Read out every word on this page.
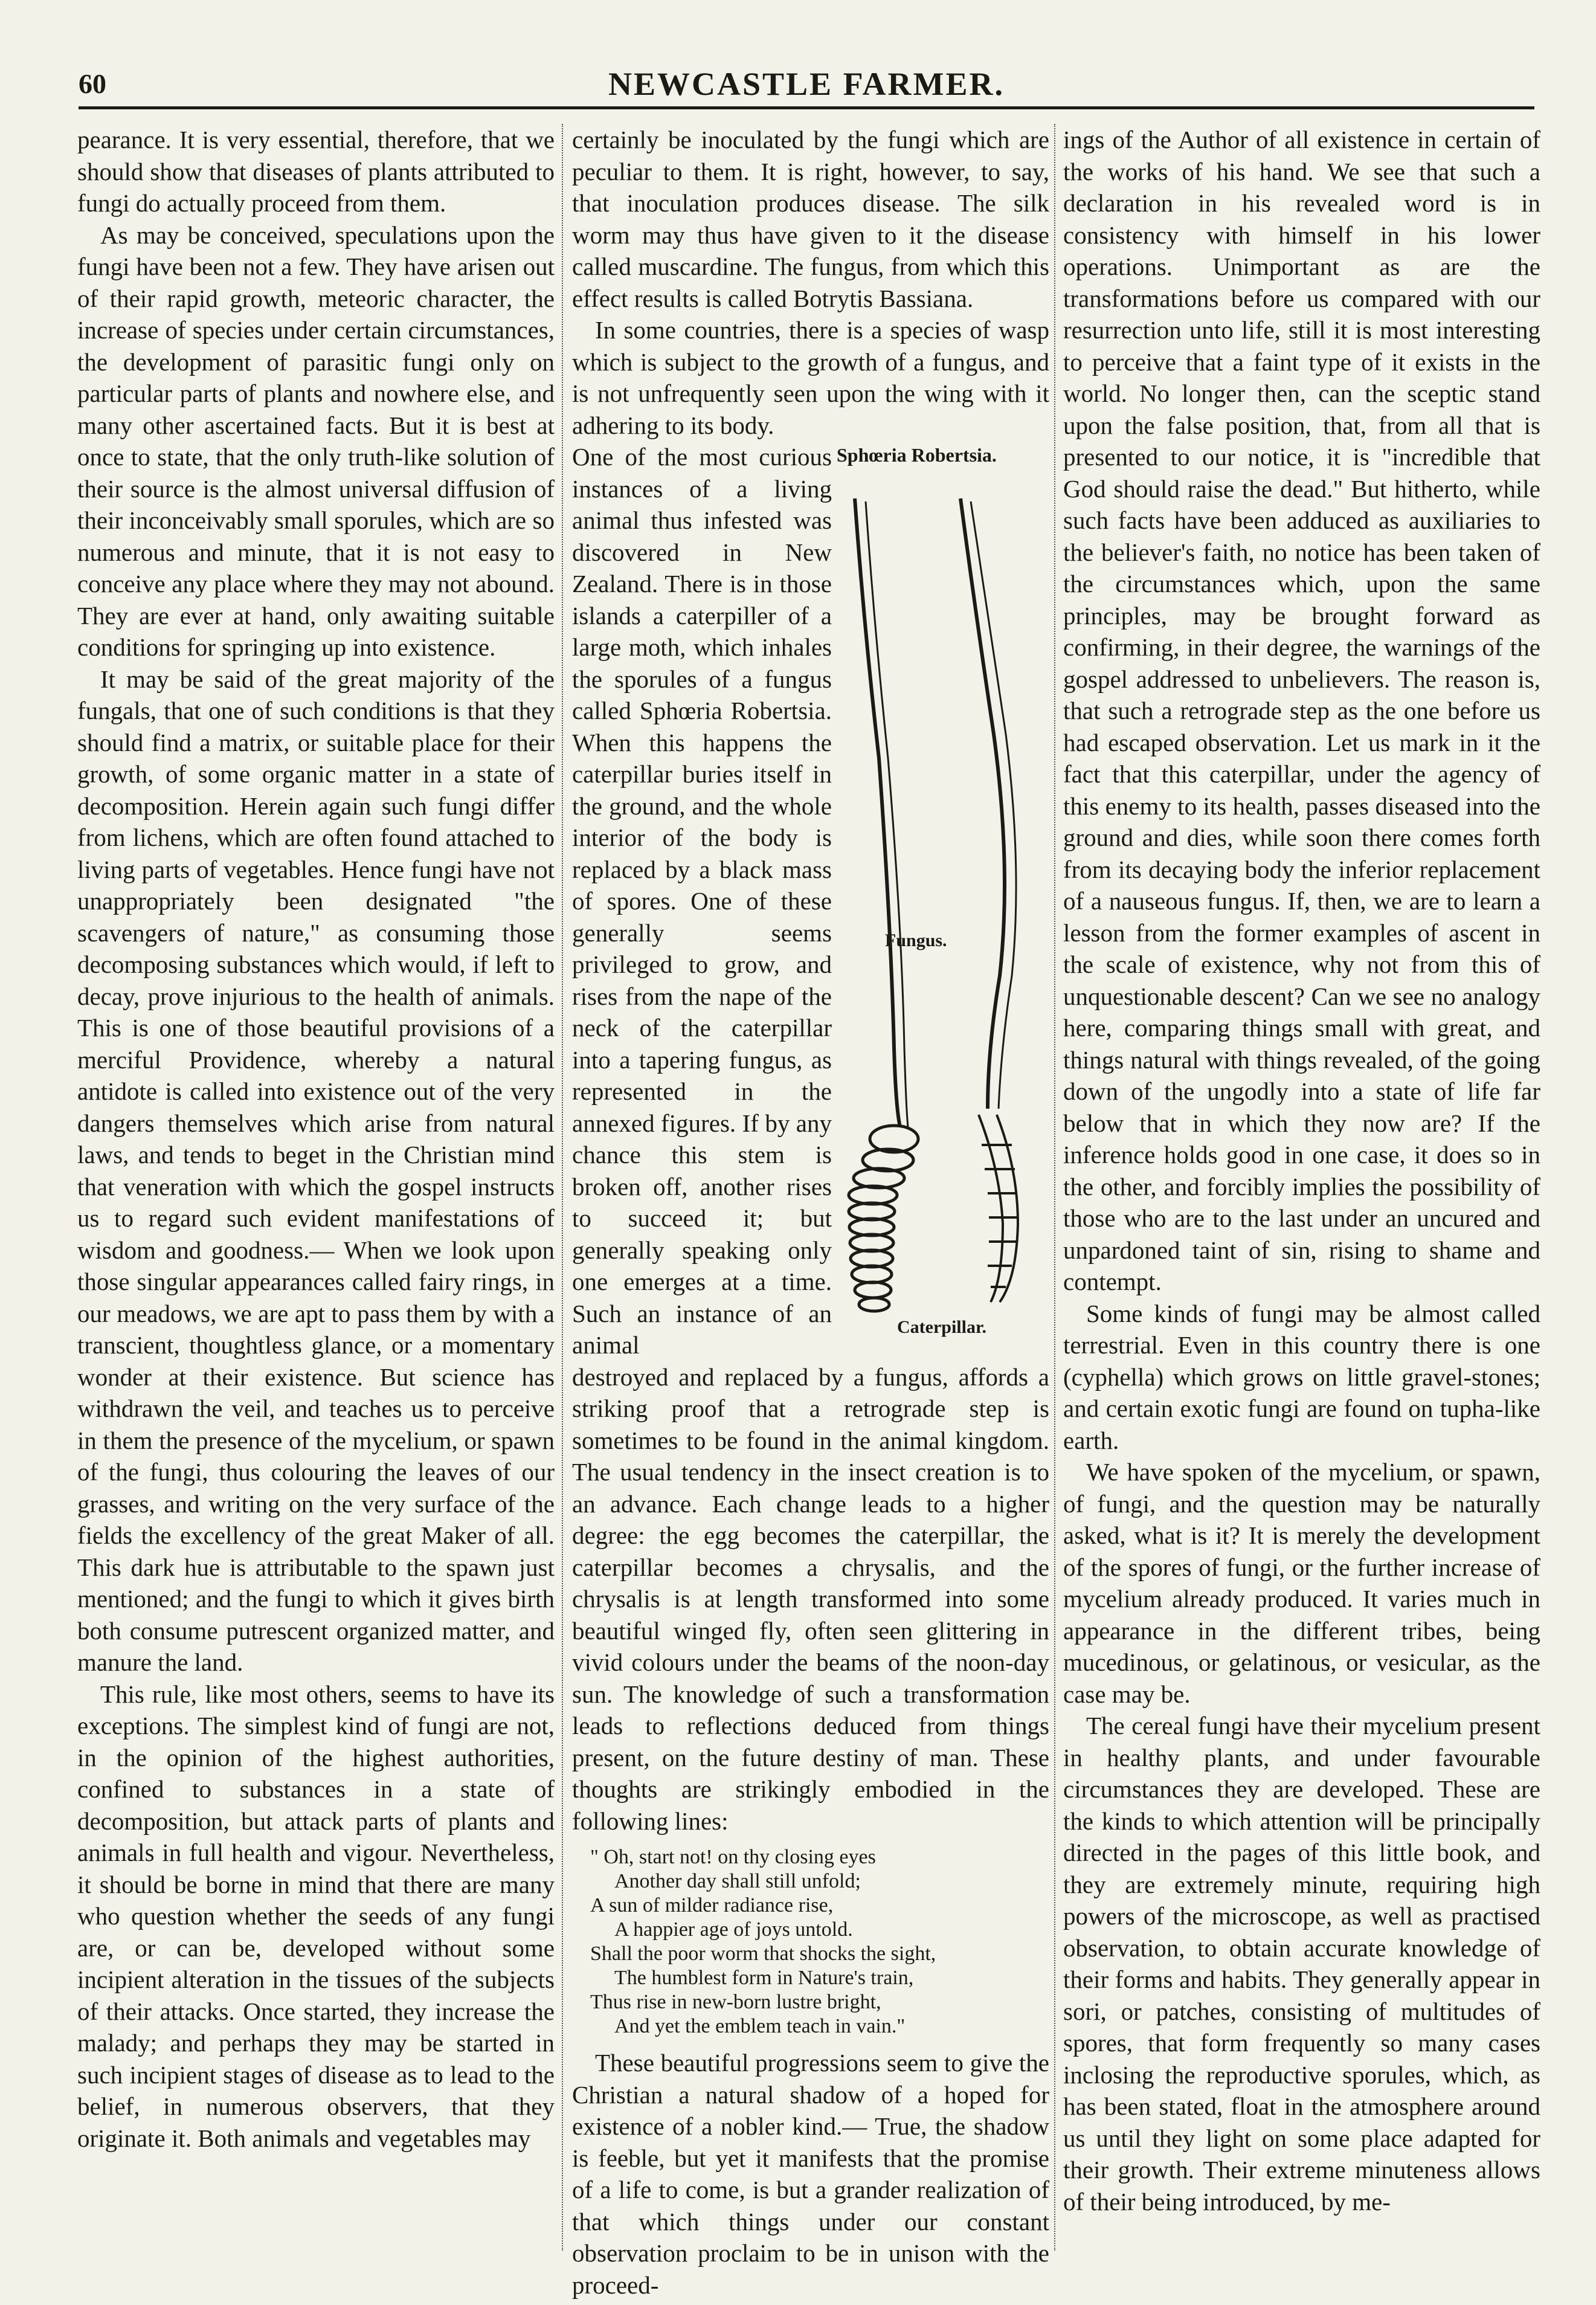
60	NEWCASTLE FARMER.

pearance. It is very essential, therefore, that we should show that diseases of plants attributed to fungi do actually proceed from them.

As may be conceived, speculations upon the fungi have been not a few. They have arisen out of their rapid growth, meteoric character, the increase of species under certain circumstances, the development of parasitic fungi only on particular parts of plants and nowhere else, and many other ascertained facts. But it is best at once to state, that the only truth-like solution of their source is the almost universal diffusion of their inconceivably small sporules, which are so numerous and minute, that it is not easy to conceive any place where they may not abound. They are ever at hand, only awaiting suitable conditions for springing up into existence.

It may be said of the great majority of the fungals, that one of such conditions is that they should find a matrix, or suitable place for their growth, of some organic matter in a state of decomposition. Herein again such fungi differ from lichens, which are often found attached to living parts of vegetables. Hence fungi have not unappropriately been designated "the scavengers of nature," as consuming those decomposing substances which would, if left to decay, prove injurious to the health of animals. This is one of those beautiful provisions of a merciful Providence, whereby a natural antidote is called into existence out of the very dangers themselves which arise from natural laws, and tends to beget in the Christian mind that veneration with which the gospel instructs us to regard such evident manifestations of wisdom and goodness.— When we look upon those singular appearances called fairy rings, in our meadows, we are apt to pass them by with a transcient, thoughtless glance, or a momentary wonder at their existence. But science has withdrawn the veil, and teaches us to perceive in them the presence of the mycelium, or spawn of the fungi, thus colouring the leaves of our grasses, and writing on the very surface of the fields the excellency of the great Maker of all. This dark hue is attributable to the spawn just mentioned; and the fungi to which it gives birth both consume putrescent organized matter, and manure the land.

This rule, like most others, seems to have its exceptions. The simplest kind of fungi are not, in the opinion of the highest authorities, confined to substances in a state of decomposition, but attack parts of plants and animals in full health and vigour. Nevertheless, it should be borne in mind that there are many who question whether the seeds of any fungi are, or can be, developed without some incipient alteration in the tissues of the subjects of their attacks. Once started, they increase the malady; and perhaps they may be started in such incipient stages of disease as to lead to the belief, in numerous observers, that they originate it. Both animals and vegetables may

certainly be inoculated by the fungi which are peculiar to them. It is right, however, to say, that inoculation produces disease. The silk worm may thus have given to it the disease called muscardine. The fungus, from which this effect results is called Botrytis Bassiana.

In some countries, there is a species of wasp which is subject to the growth of a fungus, and is not unfrequently seen upon the wing with it adhering to its body.

One of the most curious instances of a living animal thus infested was discovered in New Zealand. There is in those islands a caterpiller of a large moth, which inhales the sporules of a fungus called Sphœria Robertsia. When this happens the caterpillar buries itself in the ground, and the whole interior of the body is replaced by a black mass of spores. One of these generally seems privileged to grow, and rises from the nape of the neck of the caterpillar into a tapering fungus, as represented in the annexed figures. If by any chance this stem is broken off, another rises to succeed it; but generally speaking only one emerges at a time. Such an instance of an animal

destroyed and replaced by a fungus, affords a striking proof that a retrograde step is sometimes to be found in the animal kingdom. The usual tendency in the insect creation is to an advance. Each change leads to a higher degree: the egg becomes the caterpillar, the caterpillar becomes a chrysalis, and the chrysalis is at length transformed into some beautiful winged fly, often seen glittering in vivid colours under the beams of the noon-day sun. The knowledge of such a transformation leads to reflections deduced from things present, on the future destiny of man. These thoughts are strikingly embodied in the following lines:

" Oh, start not! on thy closing eyes
Another day shall still unfold;
A sun of milder radiance rise,
A happier age of joys untold.
Shall the poor worm that shocks the sight,
The humblest form in Nature's train,
Thus rise in new-born lustre bright,
And yet the emblem teach in vain."

These beautiful progressions seem to give the Christian a natural shadow of a hoped for existence of a nobler kind.— True, the shadow is feeble, but yet it manifests that the promise of a life to come, is but a grander realization of that which things under our constant observation proclaim to be in unison with the proceed-

Sphœria Robertsia.
Fungus.
Caterpillar.

ings of the Author of all existence in certain of the works of his hand. We see that such a declaration in his revealed word is in consistency with himself in his lower operations. Unimportant as are the transformations before us compared with our resurrection unto life, still it is most interesting to perceive that a faint type of it exists in the world. No longer then, can the sceptic stand upon the false position, that, from all that is presented to our notice, it is "incredible that God should raise the dead." But hitherto, while such facts have been adduced as auxiliaries to the believer's faith, no notice has been taken of the circumstances which, upon the same principles, may be brought forward as confirming, in their degree, the warnings of the gospel addressed to unbelievers. The reason is, that such a retrograde step as the one before us had escaped observation. Let us mark in it the fact that this caterpillar, under the agency of this enemy to its health, passes diseased into the ground and dies, while soon there comes forth from its decaying body the inferior replacement of a nauseous fungus. If, then, we are to learn a lesson from the former examples of ascent in the scale of existence, why not from this of unquestionable descent? Can we see no analogy here, comparing things small with great, and things natural with things revealed, of the going down of the ungodly into a state of life far below that in which they now are? If the inference holds good in one case, it does so in the other, and forcibly implies the possibility of those who are to the last under an uncured and unpardoned taint of sin, rising to shame and contempt.

Some kinds of fungi may be almost called terrestrial. Even in this country there is one (cyphella) which grows on little gravel-stones; and certain exotic fungi are found on tupha-like earth.

We have spoken of the mycelium, or spawn, of fungi, and the question may be naturally asked, what is it? It is merely the development of the spores of fungi, or the further increase of mycelium already produced. It varies much in appearance in the different tribes, being mucedinous, or gelatinous, or vesicular, as the case may be.

The cereal fungi have their mycelium present in healthy plants, and under favourable circumstances they are developed. These are the kinds to which attention will be principally directed in the pages of this little book, and they are extremely minute, requiring high powers of the microscope, as well as practised observation, to obtain accurate knowledge of their forms and habits. They generally appear in sori, or patches, consisting of multitudes of spores, that form frequently so many cases inclosing the reproductive sporules, which, as has been stated, float in the atmosphere around us until they light on some place adapted for their growth. Their extreme minuteness allows of their being introduced, by me-
